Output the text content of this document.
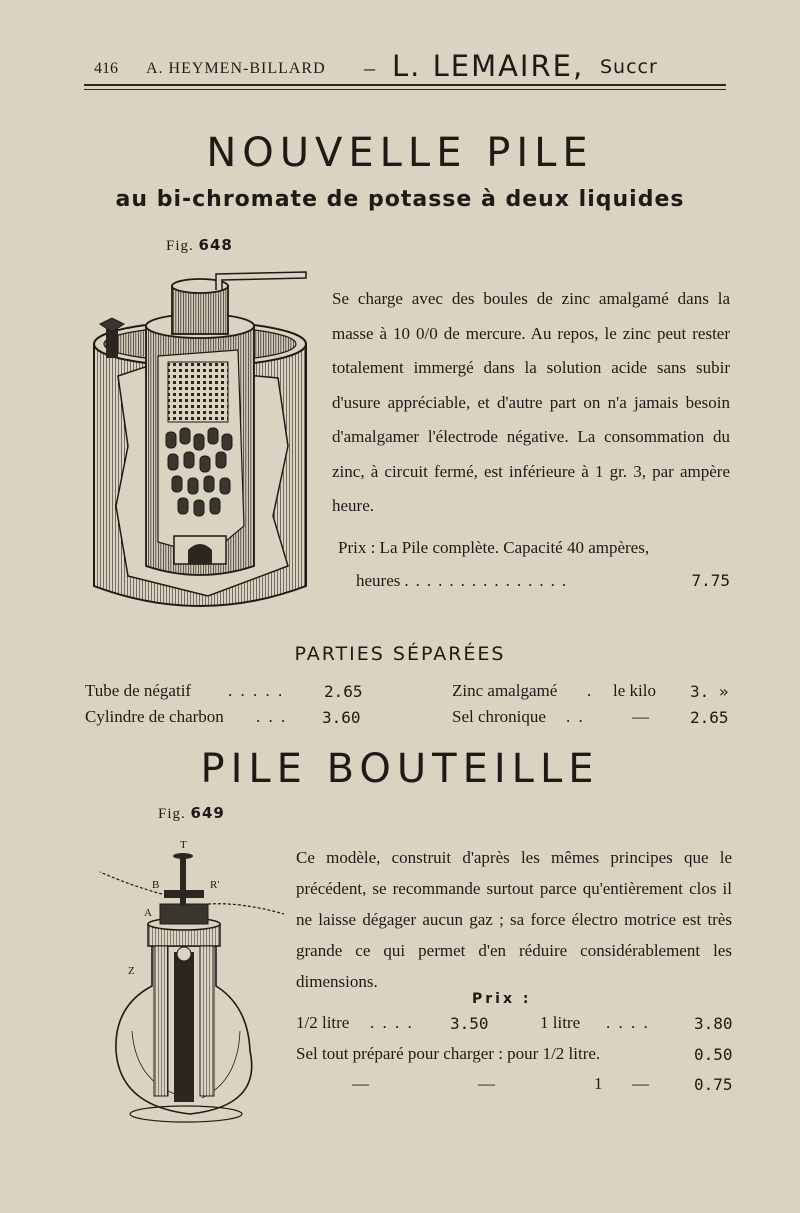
416 A. HEYMEN-BILLARD – L. LEMAIRE, Succr
NOUVELLE PILE
au bi-chromate de potasse à deux liquides
Fig. 648
Se charge avec des boules de zinc amalgamé dans la masse à 10 0/0 de mercure. Au repos, le zinc peut rester totalement immergé dans la solution acide sans subir d'usure appréciable, et d'autre part on n'a jamais besoin d'amalgamer l'électrode négative. La consommation du zinc, à circuit fermé, est inférieure à 1 gr. 3, par ampère heure.
Prix : La Pile complète. Capacité 40 ampères,
heures ...............	7.75
PARTIES SÉPARÉES
Tube de négatif . . . . . 2.65
Cylindre de charbon . . . 3.60
Zinc amalgamé . le kilo 3. »
Sel chronique . .	—	2.65
PILE BOUTEILLE
Fig. 649
T
B	R'
A
Z
Ce modèle, construit d'après les mêmes principes que le précédent, se recommande surtout parce qu'entièrement clos il ne laisse dégager aucun gaz ; sa force électro motrice est très grande ce qui permet d'en réduire considérablement les dimensions.
Prix :
1/2 litre . . . . 3.50	1 litre . . . .	3.80
Sel tout préparé pour charger : pour 1/2 litre.	0.50
—	—	1 —	0.75
